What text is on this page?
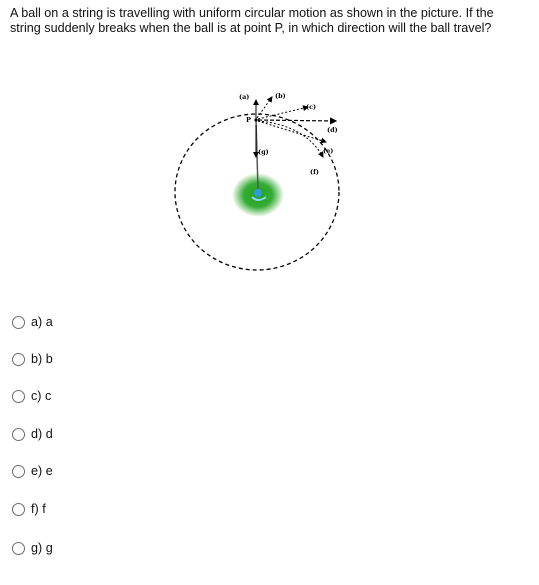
A ball on a string is travelling with uniform circular motion as shown in the picture. If the string suddenly breaks when the ball is at point P, in which direction will the ball travel?

P
(a)	(b)
(c)
(d)
(e)
(f)
(g)
a) a
b) b
c) c
d) d
e) e
f) f
g) g
